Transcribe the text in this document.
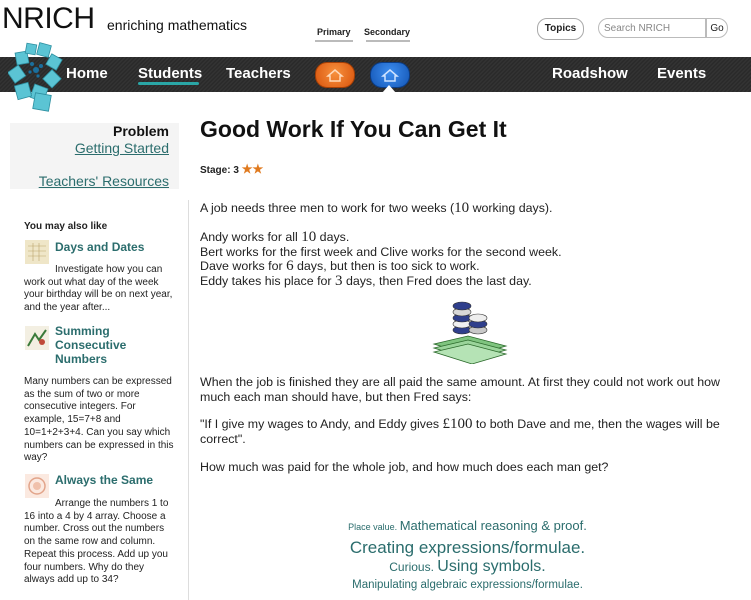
NRICH enriching mathematics	Primary Secondary	Topics	Search NRICH	Go
Home Students Teachers	Roadshow Events
Problem
Getting Started
Teachers' Resources
You may also like
Days and Dates
Investigate how you can work out what day of the week your birthday will be on next year, and the year after...
Summing Consecutive Numbers
Many numbers can be expressed as the sum of two or more consecutive integers. For example, 15=7+8 and 10=1+2+3+4. Can you say which numbers can be expressed in this way?
Always the Same
Arrange the numbers 1 to 16 into a 4 by 4 array. Choose a number. Cross out the numbers on the same row and column. Repeat this process. Add up you four numbers. Why do they always add up to 34?
Good Work If You Can Get It
Stage: 3 ★★
A job needs three men to work for two weeks (10 working days).
Andy works for all 10 days.
Bert works for the first week and Clive works for the second week.
Dave works for 6 days, but then is too sick to work.
Eddy takes his place for 3 days, then Fred does the last day.
When the job is finished they are all paid the same amount. At first they could not work out how much each man should have, but then Fred says:
"If I give my wages to Andy, and Eddy gives £100 to both Dave and me, then the wages will be correct".
How much was paid for the whole job, and how much does each man get?
Place value. Mathematical reasoning & proof.
Creating expressions/formulae.
Curious. Using symbols.
Manipulating algebraic expressions/formulae.
